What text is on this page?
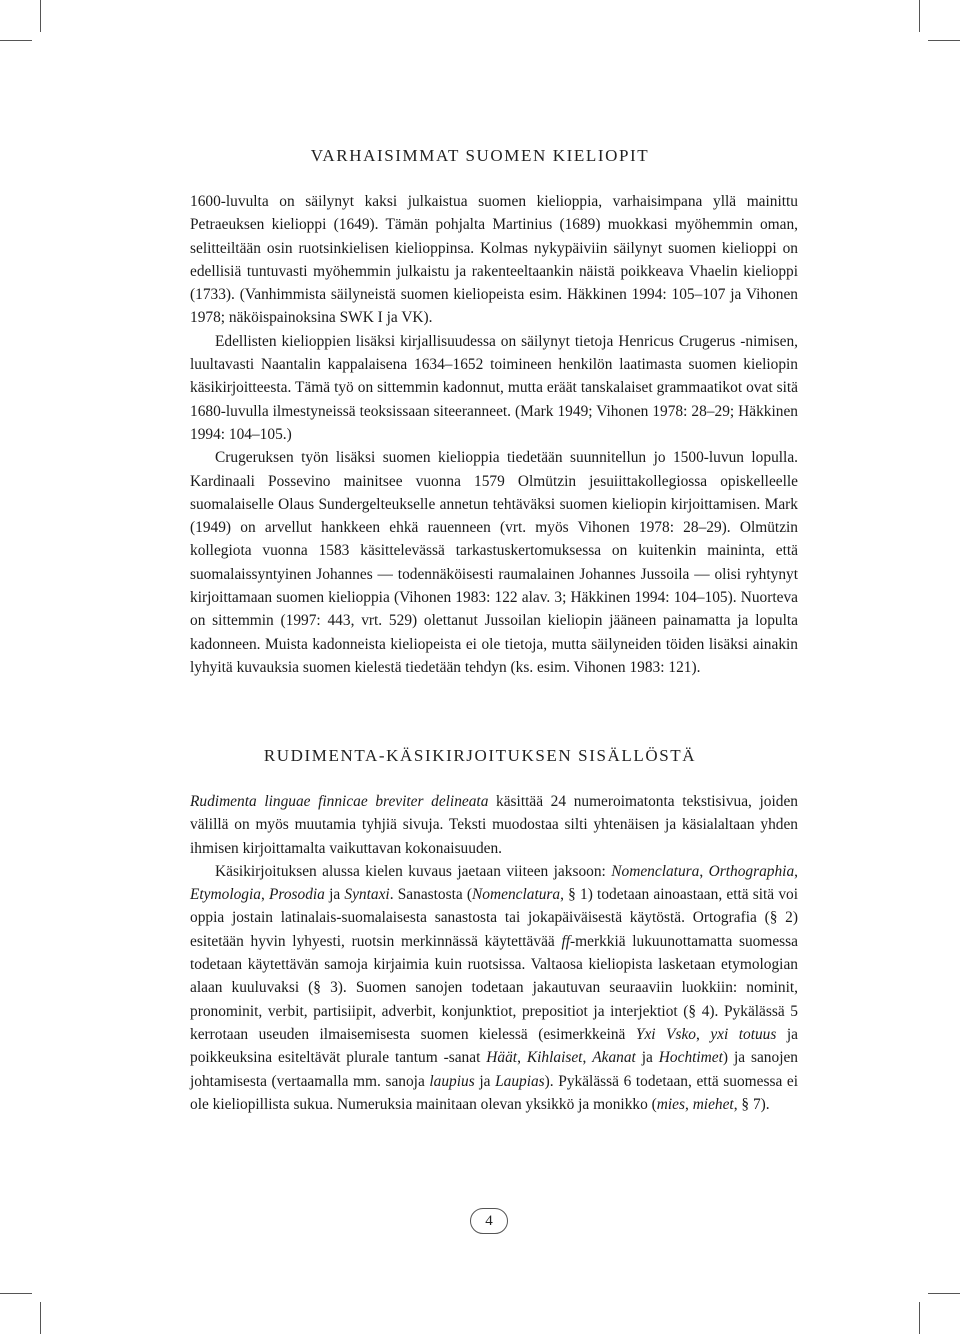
VARHAISIMMAT SUOMEN KIELIOPIT

1600-luvulta on säilynyt kaksi julkaistua suomen kielioppia, varhaisimpana yllä mainittu Petraeuksen kielioppi (1649). Tämän pohjalta Martinius (1689) muokkasi myöhemmin oman, selitteiltään osin ruotsinkielisen kielioppinsa. Kolmas nykypäiviin säilynyt suomen kielioppi on edellisiä tuntuvasti myöhemmin julkaistu ja rakenteeltaankin näistä poikkeava Vhaelin kielioppi (1733). (Vanhimmista säilyneistä suomen kieliopeista esim. Häkkinen 1994: 105–107 ja Vihonen 1978; näköispainoksina SWK I ja VK).

Edellisten kielioppien lisäksi kirjallisuudessa on säilynyt tietoja Henricus Crugerus -nimisen, luultavasti Naantalin kappalaisena 1634–1652 toimineen henkilön laatimasta suomen kieliopin käsikirjoitteesta. Tämä työ on sittemmin kadonnut, mutta eräät tanskalaiset grammaatikot ovat sitä 1680-luvulla ilmestyneissä teoksissaan siteeranneet. (Mark 1949; Vihonen 1978: 28–29; Häkkinen 1994: 104–105.)

Crugeruksen työn lisäksi suomen kielioppia tiedetään suunnitellun jo 1500-luvun lopulla. Kardinaali Possevino mainitsee vuonna 1579 Olmützin jesuiittakollegiossa opiskelleelle suomalaiselle Olaus Sundergelteukselle annetun tehtäväksi suomen kieliopin kirjoittamisen. Mark (1949) on arvellut hankkeen ehkä rauenneen (vrt. myös Vihonen 1978: 28–29). Olmützin kollegiota vuonna 1583 käsittelevässä tarkastuskertomuksessa on kuitenkin maininta, että suomalaissyntyinen Johannes — todennäköisesti raumalainen Johannes Jussoila — olisi ryhtynyt kirjoittamaan suomen kielioppia (Vihonen 1983: 122 alav. 3; Häkkinen 1994: 104–105). Nuorteva on sittemmin (1997: 443, vrt. 529) olettanut Jussoilan kieliopin jääneen painamatta ja lopulta kadonneen. Muista kadonneista kieliopeista ei ole tietoja, mutta säilyneiden töiden lisäksi ainakin lyhyitä kuvauksia suomen kielestä tiedetään tehdyn (ks. esim. Vihonen 1983: 121).

RUDIMENTA-KÄSIKIRJOITUKSEN SISÄLLÖSTÄ

Rudimenta linguae finnicae breviter delineata käsittää 24 numeroimatonta tekstisivua, joiden välillä on myös muutamia tyhjiä sivuja. Teksti muodostaa silti yhtenäisen ja käsialaltaan yhden ihmisen kirjoittamalta vaikuttavan kokonaisuuden.

Käsikirjoituksen alussa kielen kuvaus jaetaan viiteen jaksoon: Nomenclatura, Orthographia, Etymologia, Prosodia ja Syntaxi. Sanastosta (Nomenclatura, § 1) todetaan ainoastaan, että sitä voi oppia jostain latinalais-suomalaisesta sanastosta tai jokapäiväisestä käytöstä. Ortografia (§ 2) esitetään hyvin lyhyesti, ruotsin merkinnässä käytettävää ff-merkkiä lukuunottamatta suomessa todetaan käytettävän samoja kirjaimia kuin ruotsissa. Valtaosa kieliopista lasketaan etymologian alaan kuuluvaksi (§ 3). Suomen sanojen todetaan jakautuvan seuraaviin luokkiin: nominit, pronominit, verbit, partisiipit, adverbit, konjunktiot, prepositiot ja interjektiot (§ 4). Pykälässä 5 kerrotaan useuden ilmaisemisesta suomen kielessä (esimerkkeinä Yxi Vsko, yxi totuus ja poikkeuksina esiteltävät plurale tantum -sanat Häät, Kihlaiset, Akanat ja Hochtimet) ja sanojen johtamisesta (vertaamalla mm. sanoja laupius ja Laupias). Pykälässä 6 todetaan, että suomessa ei ole kieliopillista sukua. Numeruksia mainitaan olevan yksikkö ja monikko (mies, miehet, § 7).

4
